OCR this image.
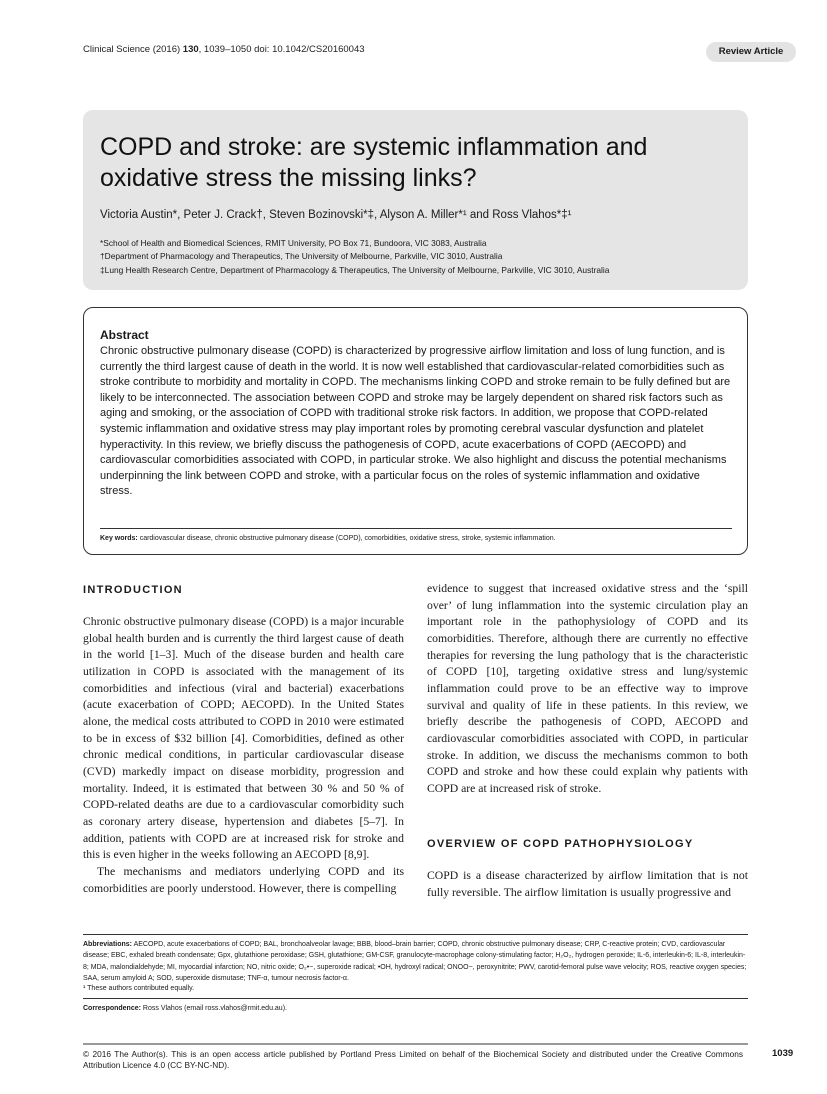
Clinical Science (2016) 130, 1039–1050 doi: 10.1042/CS20160043	Review Article
COPD and stroke: are systemic inflammation and oxidative stress the missing links?
Victoria Austin*, Peter J. Crack†, Steven Bozinovski*‡, Alyson A. Miller*¹ and Ross Vlahos*‡¹
*School of Health and Biomedical Sciences, RMIT University, PO Box 71, Bundoora, VIC 3083, Australia
†Department of Pharmacology and Therapeutics, The University of Melbourne, Parkville, VIC 3010, Australia
‡Lung Health Research Centre, Department of Pharmacology & Therapeutics, The University of Melbourne, Parkville, VIC 3010, Australia
Abstract
Chronic obstructive pulmonary disease (COPD) is characterized by progressive airflow limitation and loss of lung function, and is currently the third largest cause of death in the world. It is now well established that cardiovascular-related comorbidities such as stroke contribute to morbidity and mortality in COPD. The mechanisms linking COPD and stroke remain to be fully defined but are likely to be interconnected. The association between COPD and stroke may be largely dependent on shared risk factors such as aging and smoking, or the association of COPD with traditional stroke risk factors. In addition, we propose that COPD-related systemic inflammation and oxidative stress may play important roles by promoting cerebral vascular dysfunction and platelet hyperactivity. In this review, we briefly discuss the pathogenesis of COPD, acute exacerbations of COPD (AECOPD) and cardiovascular comorbidities associated with COPD, in particular stroke. We also highlight and discuss the potential mechanisms underpinning the link between COPD and stroke, with a particular focus on the roles of systemic inflammation and oxidative stress.
Key words: cardiovascular disease, chronic obstructive pulmonary disease (COPD), comorbidities, oxidative stress, stroke, systemic inflammation.
INTRODUCTION

Chronic obstructive pulmonary disease (COPD) is a major incurable global health burden and is currently the third largest cause of death in the world [1–3]. Much of the disease burden and health care utilization in COPD is associated with the management of its comorbidities and infectious (viral and bacterial) exacerbations (acute exacerbation of COPD; AECOPD). In the United States alone, the medical costs attributed to COPD in 2010 were estimated to be in excess of $32 billion [4]. Comorbidities, defined as other chronic medical conditions, in particular cardiovascular disease (CVD) markedly impact on disease morbidity, progression and mortality. Indeed, it is estimated that between 30 % and 50 % of COPD-related deaths are due to a cardiovascular comorbidity such as coronary artery disease, hypertension and diabetes [5–7]. In addition, patients with COPD are at increased risk for stroke and this is even higher in the weeks following an AECOPD [8,9].

The mechanisms and mediators underlying COPD and its comorbidities are poorly understood. However, there is compelling

evidence to suggest that increased oxidative stress and the ‘spill over’ of lung inflammation into the systemic circulation play an important role in the pathophysiology of COPD and its comorbidities. Therefore, although there are currently no effective therapies for reversing the lung pathology that is the characteristic of COPD [10], targeting oxidative stress and lung/systemic inflammation could prove to be an effective way to improve survival and quality of life in these patients. In this review, we briefly describe the pathogenesis of COPD, AECOPD and cardiovascular comorbidities associated with COPD, in particular stroke. In addition, we discuss the mechanisms common to both COPD and stroke and how these could explain why patients with COPD are at increased risk of stroke.

OVERVIEW OF COPD PATHOPHYSIOLOGY

COPD is a disease characterized by airflow limitation that is not fully reversible. The airflow limitation is usually progressive and

Abbreviations: AECOPD, acute exacerbations of COPD; BAL, bronchoalveolar lavage; BBB, blood–brain barrier; COPD, chronic obstructive pulmonary disease; CRP, C-reactive protein; CVD, cardiovascular disease; EBC, exhaled breath condensate; Gpx, glutathione peroxidase; GSH, glutathione; GM-CSF, granulocyte-macrophage colony-stimulating factor; H₂O₂, hydrogen peroxide; IL-6, interleukin-6; IL-8, interleukin-8; MDA, malondialdehyde; MI, myocardial infarction; NO, nitric oxide; O₂•−, superoxide radical; •OH, hydroxyl radical; ONOO−, peroxynitrite; PWV, carotid-femoral pulse wave velocity; ROS, reactive oxygen species; SAA, serum amyloid A; SOD, superoxide dismutase; TNF-α, tumour necrosis factor-α.
¹ These authors contributed equally.
Correspondence: Ross Vlahos (email ross.vlahos@rmit.edu.au).
© 2016 The Author(s). This is an open access article published by Portland Press Limited on behalf of the Biochemical Society and distributed under the Creative Commons Attribution Licence 4.0 (CC BY-NC-ND).
1039
